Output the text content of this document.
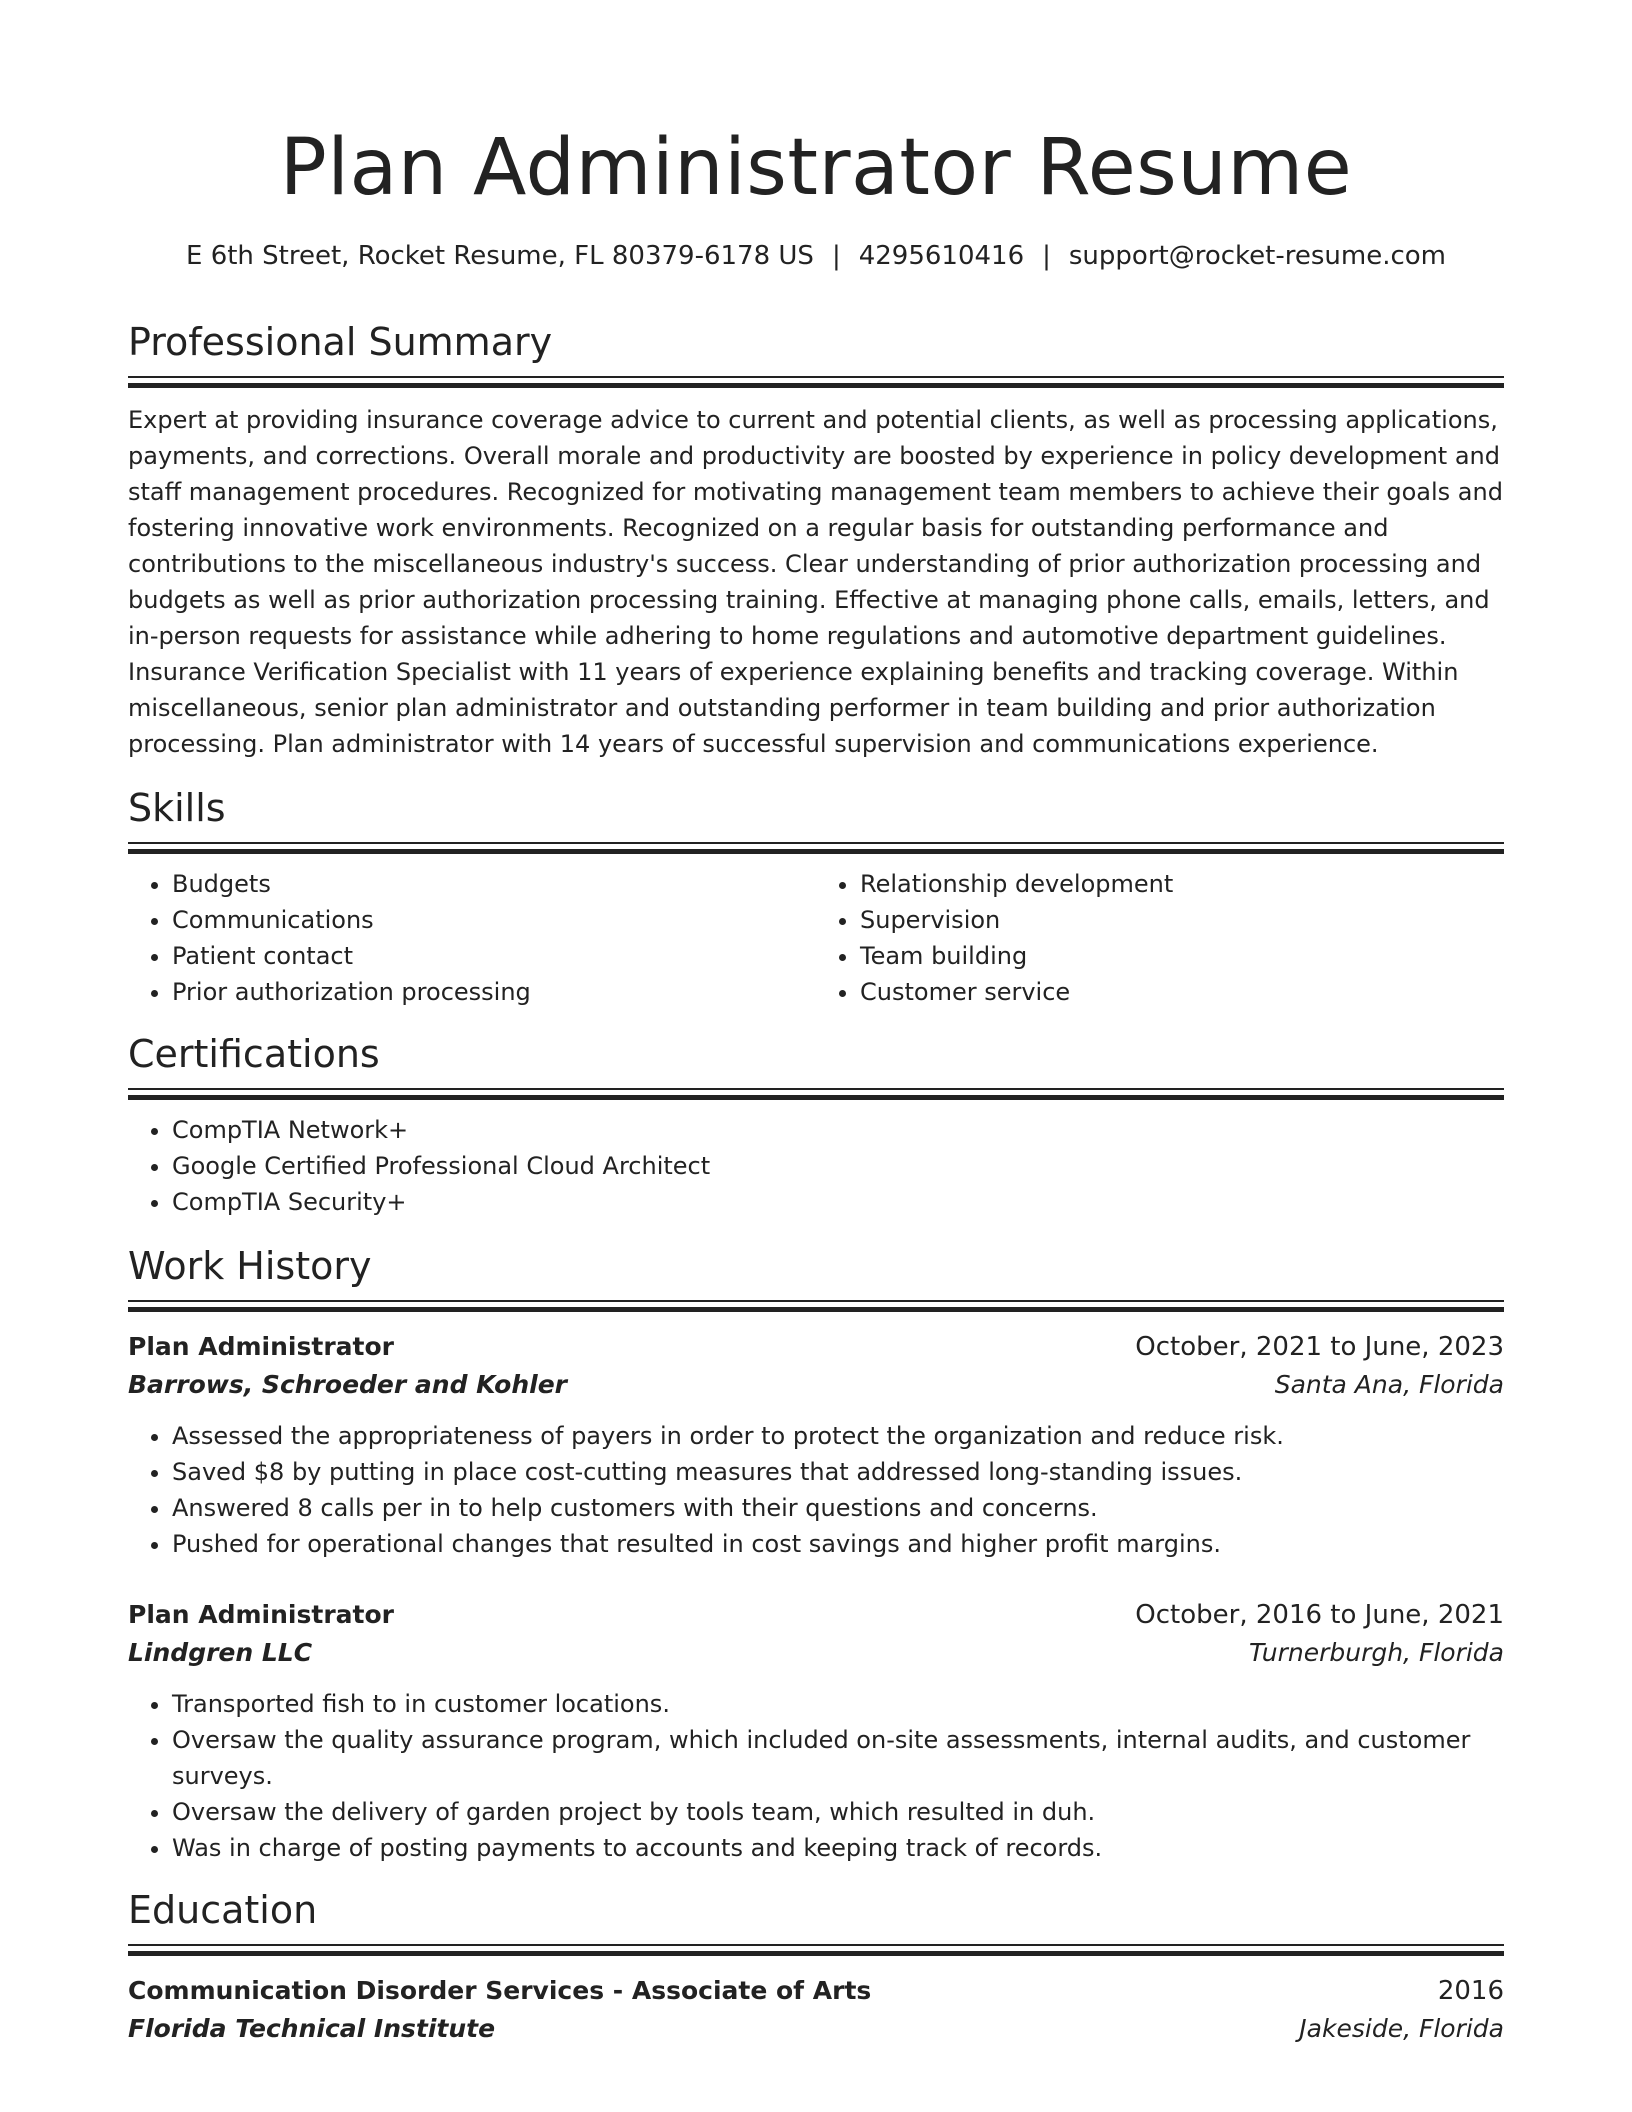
Plan Administrator Resume
E 6th Street, Rocket Resume, FL 80379-6178 US | 4295610416 | support@rocket-resume.com
Professional Summary
Expert at providing insurance coverage advice to current and potential clients, as well as processing applications, payments, and corrections. Overall morale and productivity are boosted by experience in policy development and staff management procedures. Recognized for motivating management team members to achieve their goals and fostering innovative work environments. Recognized on a regular basis for outstanding performance and contributions to the miscellaneous industry's success. Clear understanding of prior authorization processing and budgets as well as prior authorization processing training. Effective at managing phone calls, emails, letters, and in-person requests for assistance while adhering to home regulations and automotive department guidelines. Insurance Verification Specialist with 11 years of experience explaining benefits and tracking coverage. Within miscellaneous, senior plan administrator and outstanding performer in team building and prior authorization processing. Plan administrator with 14 years of successful supervision and communications experience.
Skills
• Budgets
• Communications
• Patient contact
• Prior authorization processing
• Relationship development
• Supervision
• Team building
• Customer service
Certifications
• CompTIA Network+
• Google Certified Professional Cloud Architect
• CompTIA Security+
Work History
Plan Administrator	October, 2021 to June, 2023
Barrows, Schroeder and Kohler	Santa Ana, Florida
• Assessed the appropriateness of payers in order to protect the organization and reduce risk.
• Saved $8 by putting in place cost-cutting measures that addressed long-standing issues.
• Answered 8 calls per in to help customers with their questions and concerns.
• Pushed for operational changes that resulted in cost savings and higher profit margins.
Plan Administrator	October, 2016 to June, 2021
Lindgren LLC	Turnerburgh, Florida
• Transported fish to in customer locations.
• Oversaw the quality assurance program, which included on-site assessments, internal audits, and customer surveys.
• Oversaw the delivery of garden project by tools team, which resulted in duh.
• Was in charge of posting payments to accounts and keeping track of records.
Education
Communication Disorder Services - Associate of Arts	2016
Florida Technical Institute	Jakeside, Florida
